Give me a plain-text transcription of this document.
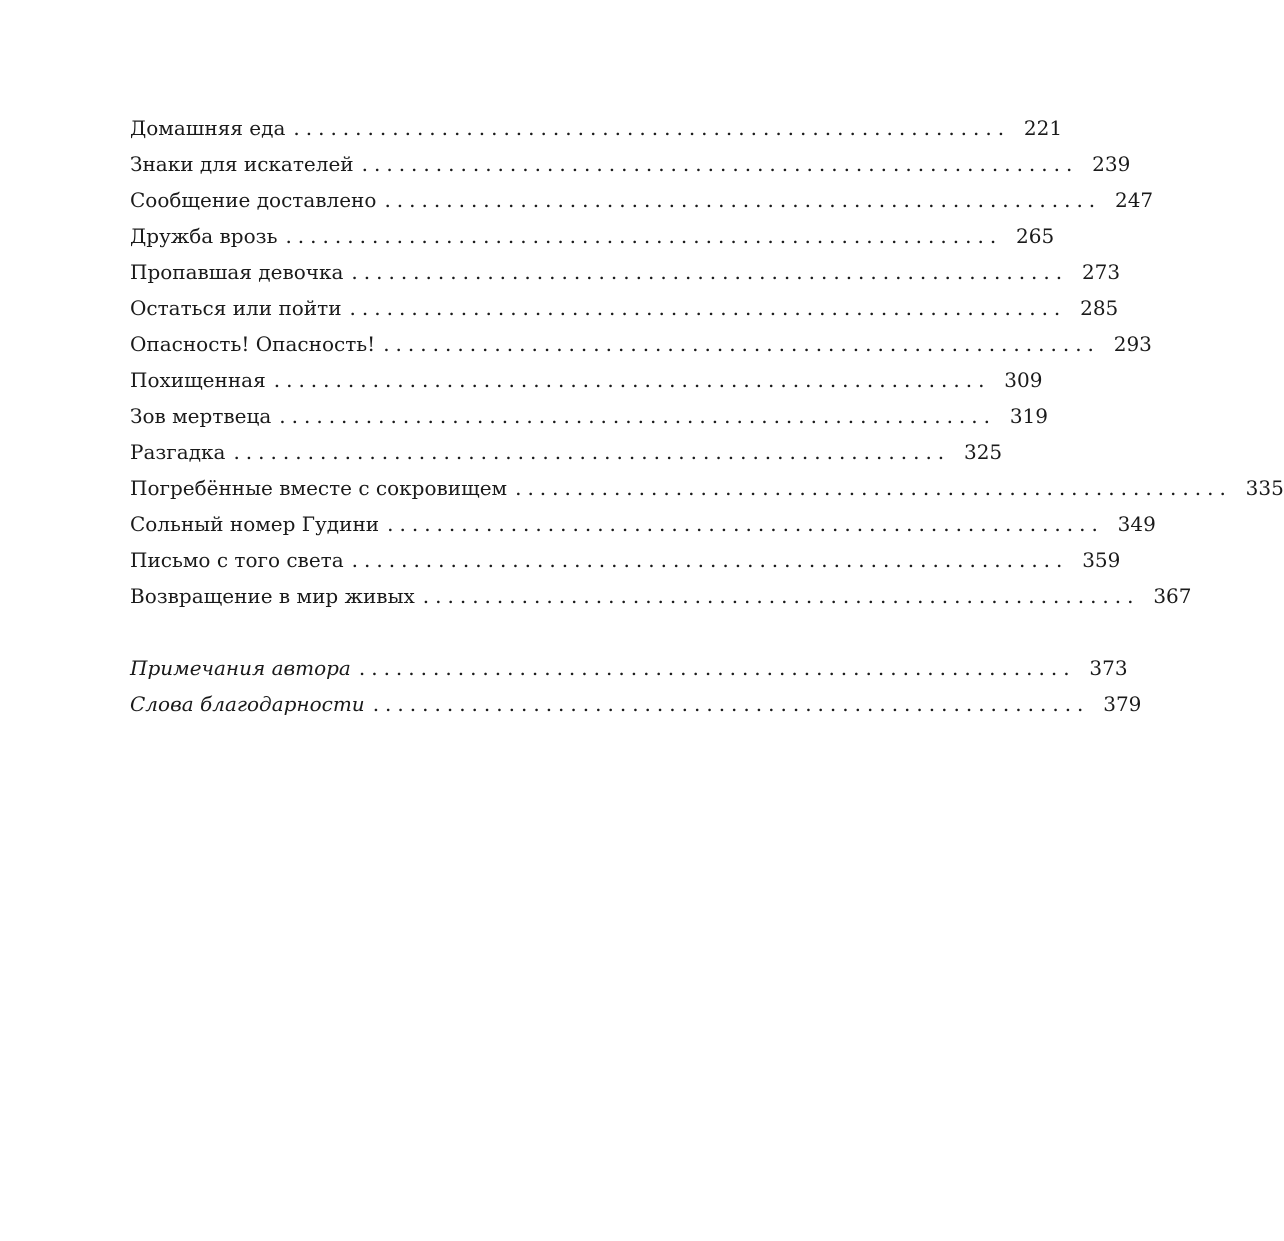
Домашняя еда .......................................................... 221
Знаки для искателей .......................................................... 239
Сообщение доставлено .......................................................... 247
Дружба врозь .......................................................... 265
Пропавшая девочка .......................................................... 273
Остаться или пойти .......................................................... 285
Опасность! Опасность! .......................................................... 293
Похищенная .......................................................... 309
Зов мертвеца .......................................................... 319
Разгадка .......................................................... 325
Погребённые вместе с сокровищем .......................................................... 335
Сольный номер Гудини .......................................................... 349
Письмо с того света .......................................................... 359
Возвращение в мир живых .......................................................... 367
Примечания автора .......................................................... 373
Слова благодарности .......................................................... 379
